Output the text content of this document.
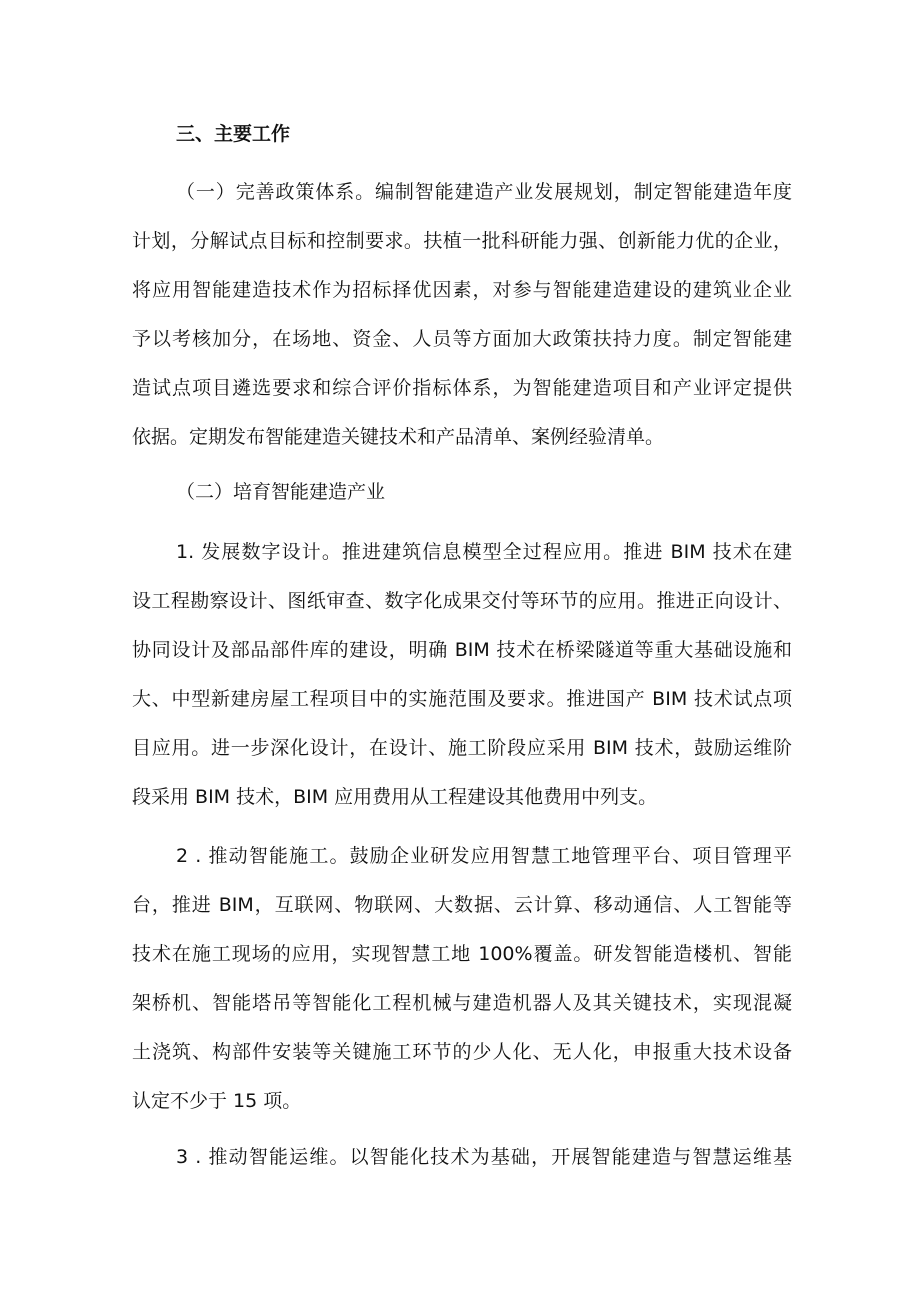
三、主要工作
（一）完善政策体系。编制智能建造产业发展规划，制定智能建造年度
计划，分解试点目标和控制要求。扶植一批科研能力强、创新能力优的企业，
将应用智能建造技术作为招标择优因素，对参与智能建造建设的建筑业企业
予以考核加分，在场地、资金、人员等方面加大政策扶持力度。制定智能建
造试点项目遴选要求和综合评价指标体系，为智能建造项目和产业评定提供
依据。定期发布智能建造关键技术和产品清单、案例经验清单。
（二）培育智能建造产业
1. 发展数字设计。推进建筑信息模型全过程应用。推进 BIM 技术在建
设工程勘察设计、图纸审查、数字化成果交付等环节的应用。推进正向设计、
协同设计及部品部件库的建设，明确 BIM 技术在桥梁隧道等重大基础设施和
大、中型新建房屋工程项目中的实施范围及要求。推进国产 BIM 技术试点项
目应用。进一步深化设计，在设计、施工阶段应采用 BIM 技术，鼓励运维阶
段采用 BIM 技术，BIM 应用费用从工程建设其他费用中列支。
2 . 推动智能施工。鼓励企业研发应用智慧工地管理平台、项目管理平
台，推进 BIM，互联网、物联网、大数据、云计算、移动通信、人工智能等
技术在施工现场的应用，实现智慧工地 100%覆盖。研发智能造楼机、智能
架桥机、智能塔吊等智能化工程机械与建造机器人及其关键技术，实现混凝
土浇筑、构部件安装等关键施工环节的少人化、无人化，申报重大技术设备
认定不少于 15 项。
3 . 推动智能运维。以智能化技术为基础，开展智能建造与智慧运维基
